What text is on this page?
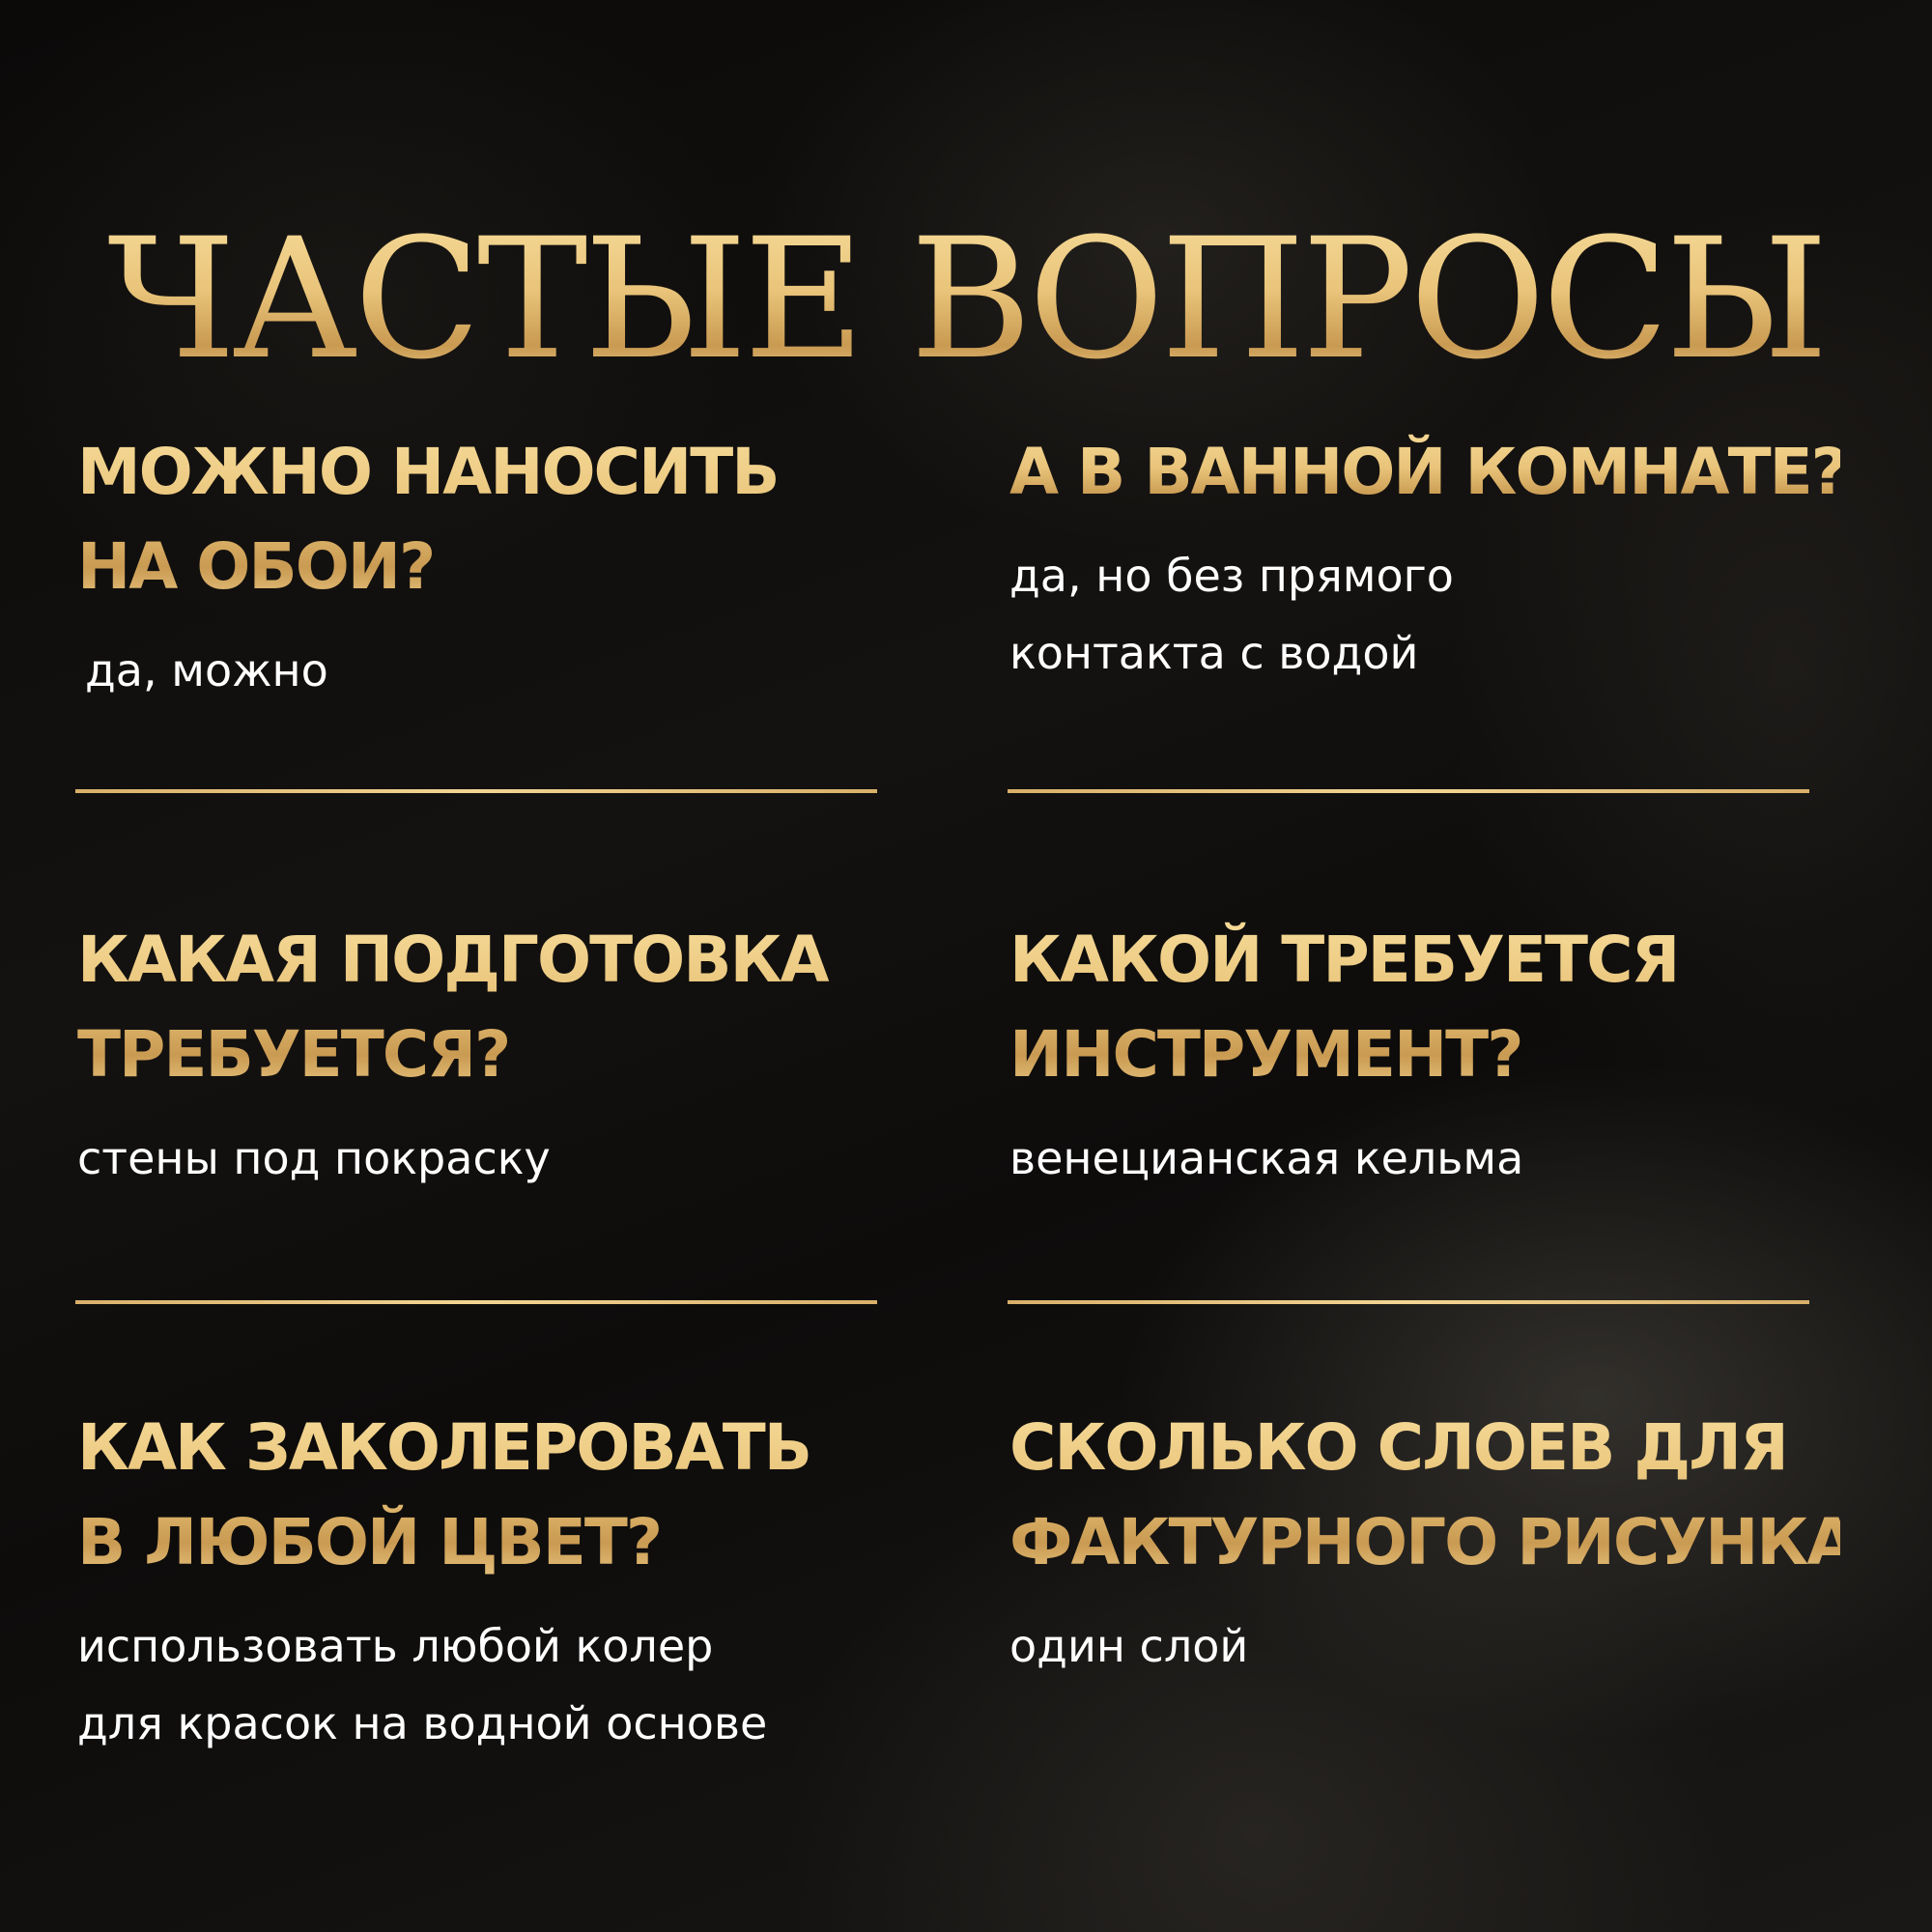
ЧАСТЫЕ ВОПРОСЫ
МОЖНО НАНОСИТЬ
НА ОБОИ?
да, можно
А В ВАННОЙ КОМНАТЕ?
да, но без прямого
контакта с водой
КАКАЯ ПОДГОТОВКА
ТРЕБУЕТСЯ?
стены под покраску
КАКОЙ ТРЕБУЕТСЯ
ИНСТРУМЕНТ?
венецианская кельма
КАК ЗАКОЛЕРОВАТЬ
В ЛЮБОЙ ЦВЕТ?
использовать любой колер
для красок на водной основе
СКОЛЬКО СЛОЕВ ДЛЯ
ФАКТУРНОГО РИСУНКА?
один слой
